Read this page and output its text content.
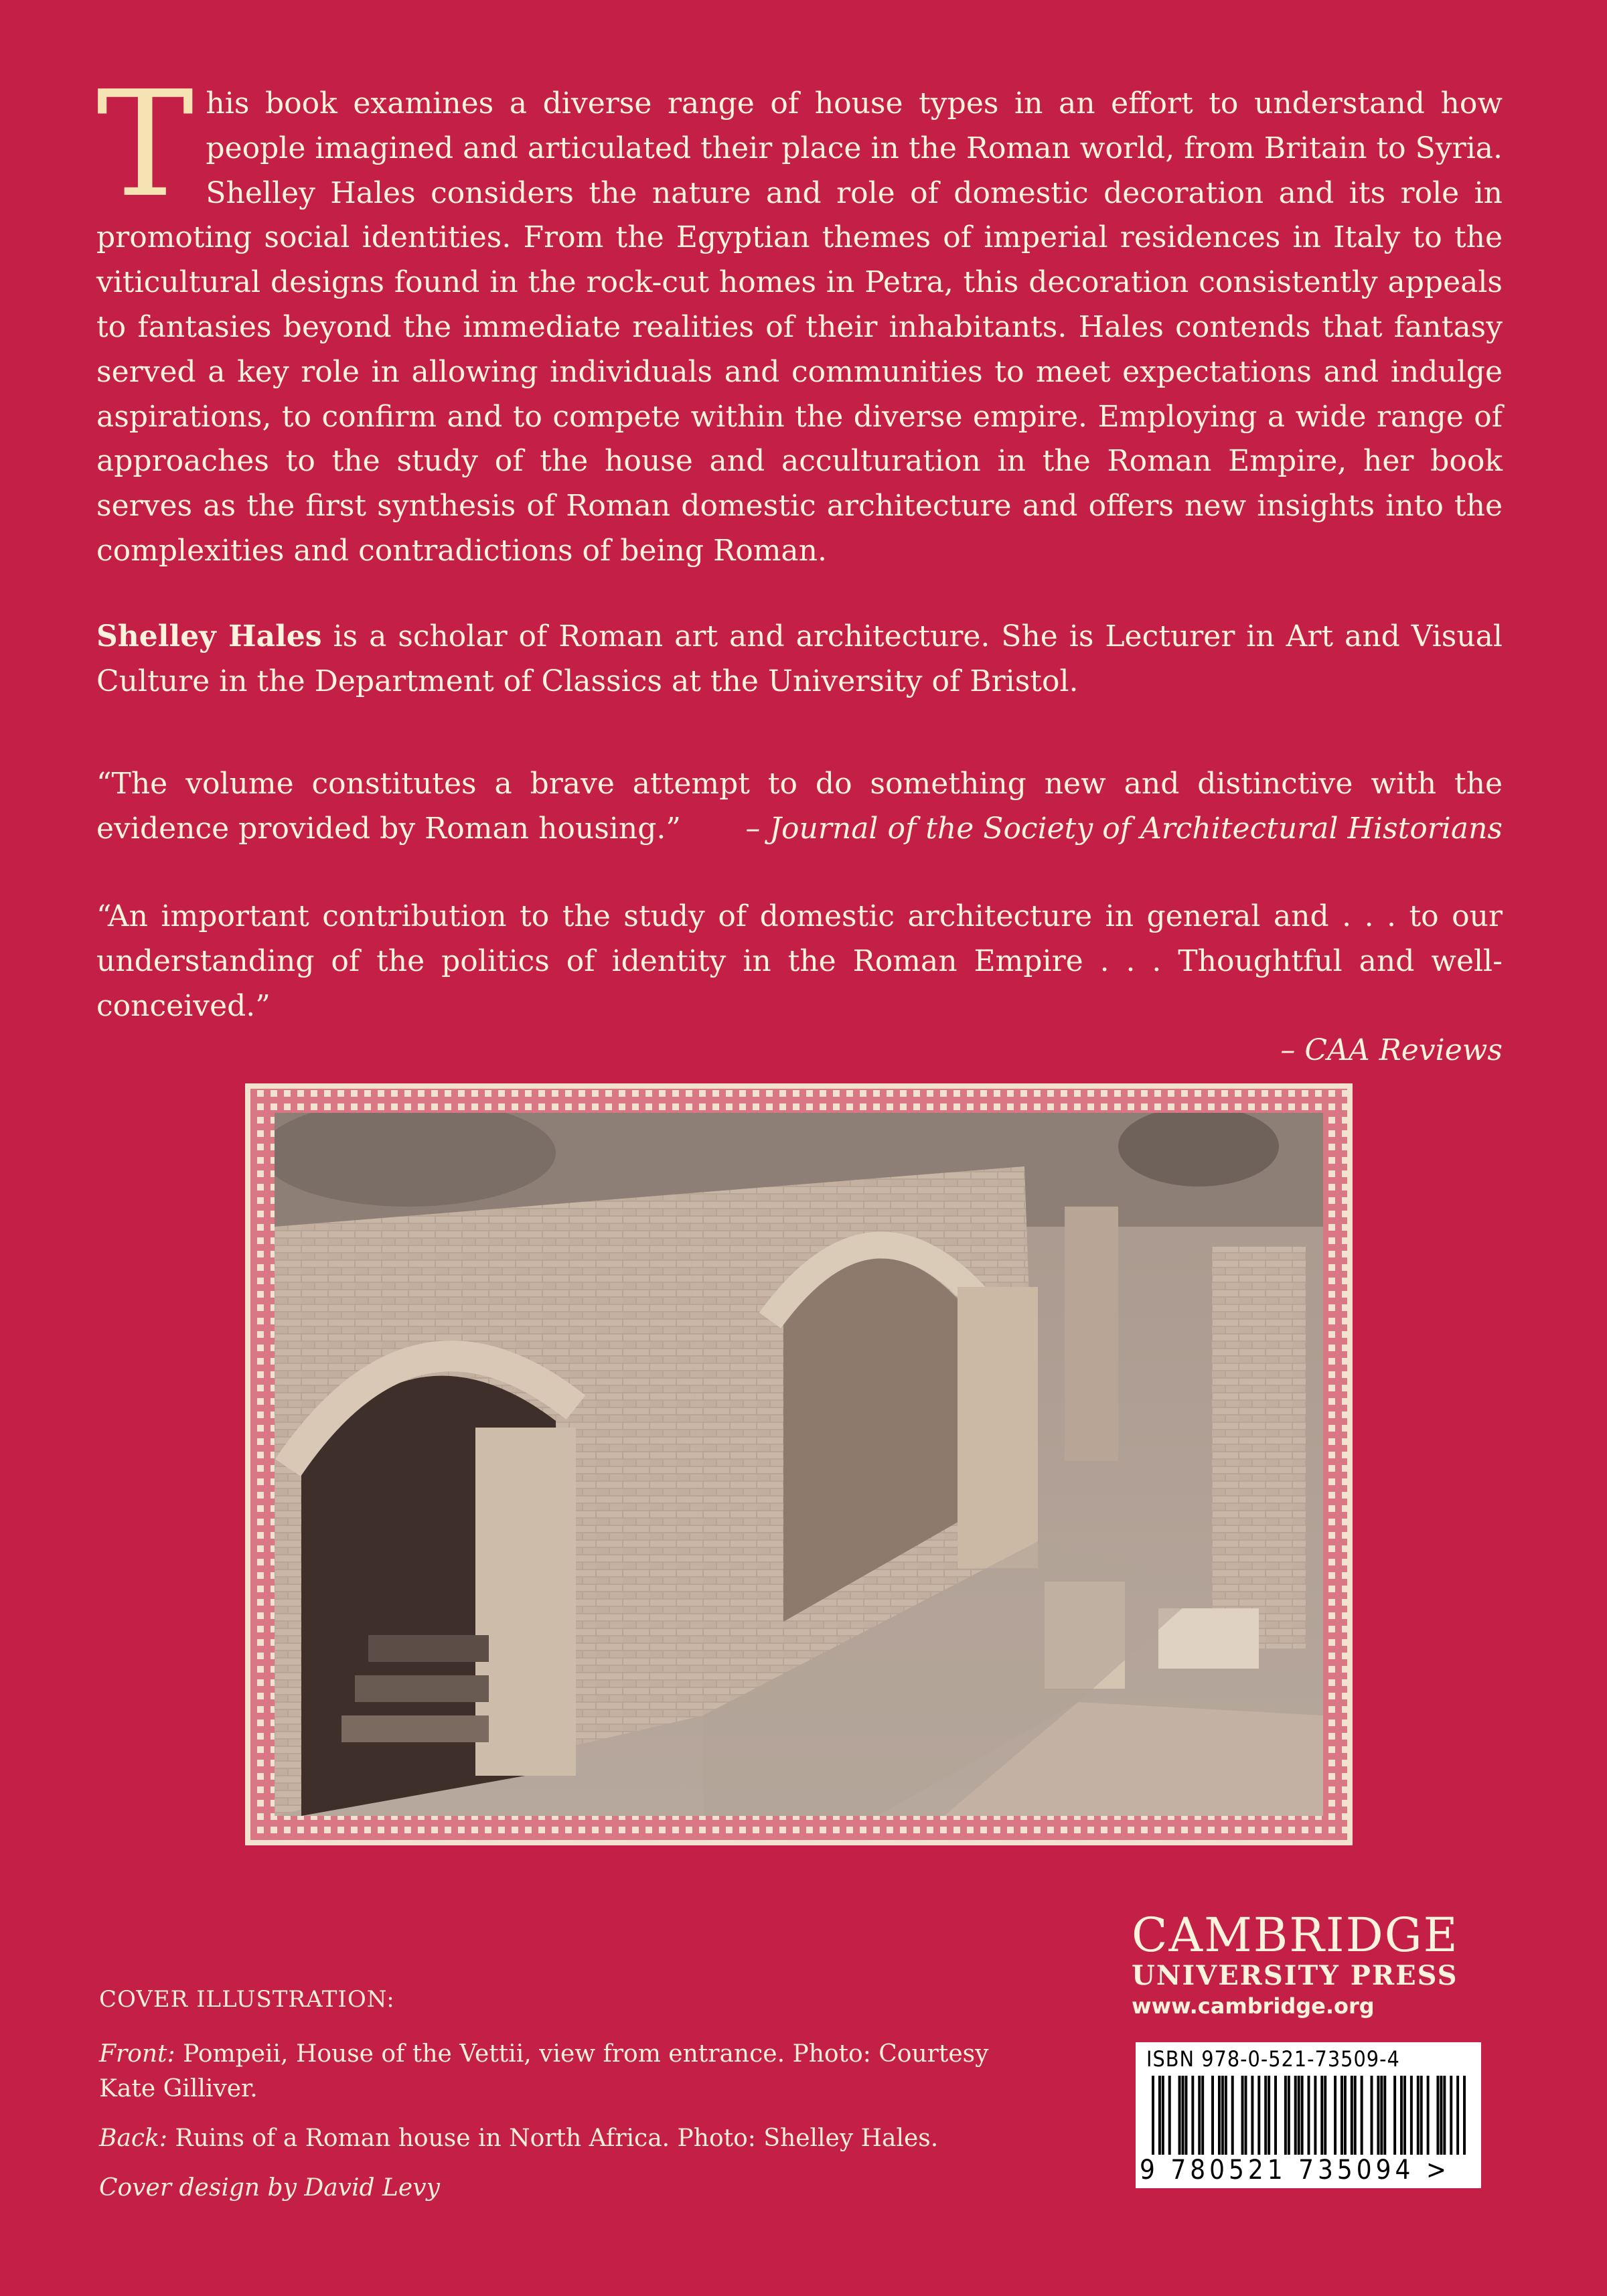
This book examines a diverse range of house types in an effort to understand how people imagined and articulated their place in the Roman world, from Britain to Syria. Shelley Hales considers the nature and role of domestic decoration and its role in promoting social identities. From the Egyptian themes of imperial residences in Italy to the viticultural designs found in the rock-cut homes in Petra, this decoration consistently appeals to fantasies beyond the immediate realities of their inhabitants. Hales contends that fantasy served a key role in allowing individuals and communities to meet expectations and indulge aspirations, to confirm and to compete within the diverse empire. Employing a wide range of approaches to the study of the house and acculturation in the Roman Empire, her book serves as the first synthesis of Roman domestic architecture and offers new insights into the complexities and contradictions of being Roman.

Shelley Hales is a scholar of Roman art and architecture. She is Lecturer in Art and Visual Culture in the Department of Classics at the University of Bristol.

“The volume constitutes a brave attempt to do something new and distinctive with the evidence provided by Roman housing.” – Journal of the Society of Architectural Historians

“An important contribution to the study of domestic architecture in general and . . . to our understanding of the politics of identity in the Roman Empire . . . Thoughtful and well-conceived.”
– CAA Reviews

COVER ILLUSTRATION:

Front: Pompeii, House of the Vettii, view from entrance. Photo: Courtesy Kate Gilliver.

Back: Ruins of a Roman house in North Africa. Photo: Shelley Hales.

Cover design by David Levy

CAMBRIDGE
UNIVERSITY PRESS
www.cambridge.org
ISBN 978-0-521-73509-4
9 780521 735094 >
